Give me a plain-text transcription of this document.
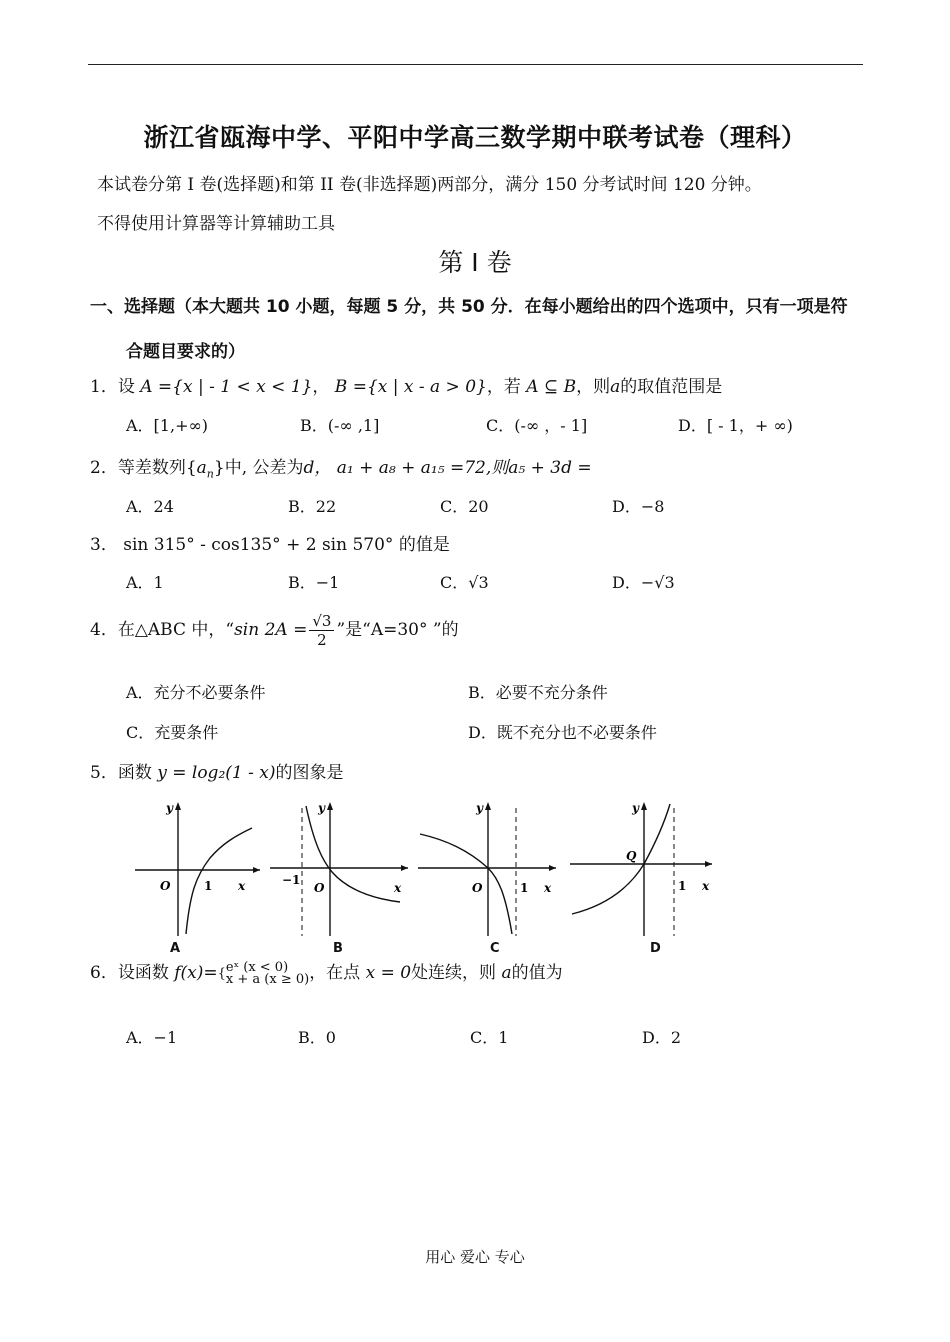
浙江省瓯海中学、平阳中学高三数学期中联考试卷（理科）
本试卷分第 I 卷(选择题)和第 II 卷(非选择题)两部分，满分 150 分考试时间 120 分钟。
不得使用计算器等计算辅助工具
第 I 卷
一、选择题（本大题共 10 小题，每题 5 分，共 50 分．在每小题给出的四个选项中，只有一项是符
合题目要求的）
1．设 A ={x | - 1 < x < 1}， B ={x | x - a > 0}，若 A ⊆ B，则a的取值范围是
A．[1,+∞)	B．(-∞ ,1]	C．(-∞ ，- 1]	D．[ - 1，+ ∞)
2．等差数列$\{a_n\}$中, 公差为d， a₁ + a₈ + a₁₅ =72,则a₅ + 3d =
A．24	B．22	C．20	D．−8
3． sin 315° - cos135° + 2 sin 570° 的值是
A．1	B．−1	C．√3	D．−√3
4．在△ABC 中，“sin $2A = \frac{√3}{2}$ ”是“A=30° ”的
A．充分不必要条件	B．必要不充分条件
C．充要条件	D．既不充分也不必要条件
5．函数 y = log₂(1 - x)的图象是
y
O	1 x
A
y
−1
O	x
B
y
O	1 x
C
y
Q
1 x
D
6．设函数 f(x)={ eˣ (x < 0)
x + a (x ≥ 0) ，在点 x = 0处连续，则 a的值为
A．−1	B．0	C．1	D．2
用心 爱心 专心
